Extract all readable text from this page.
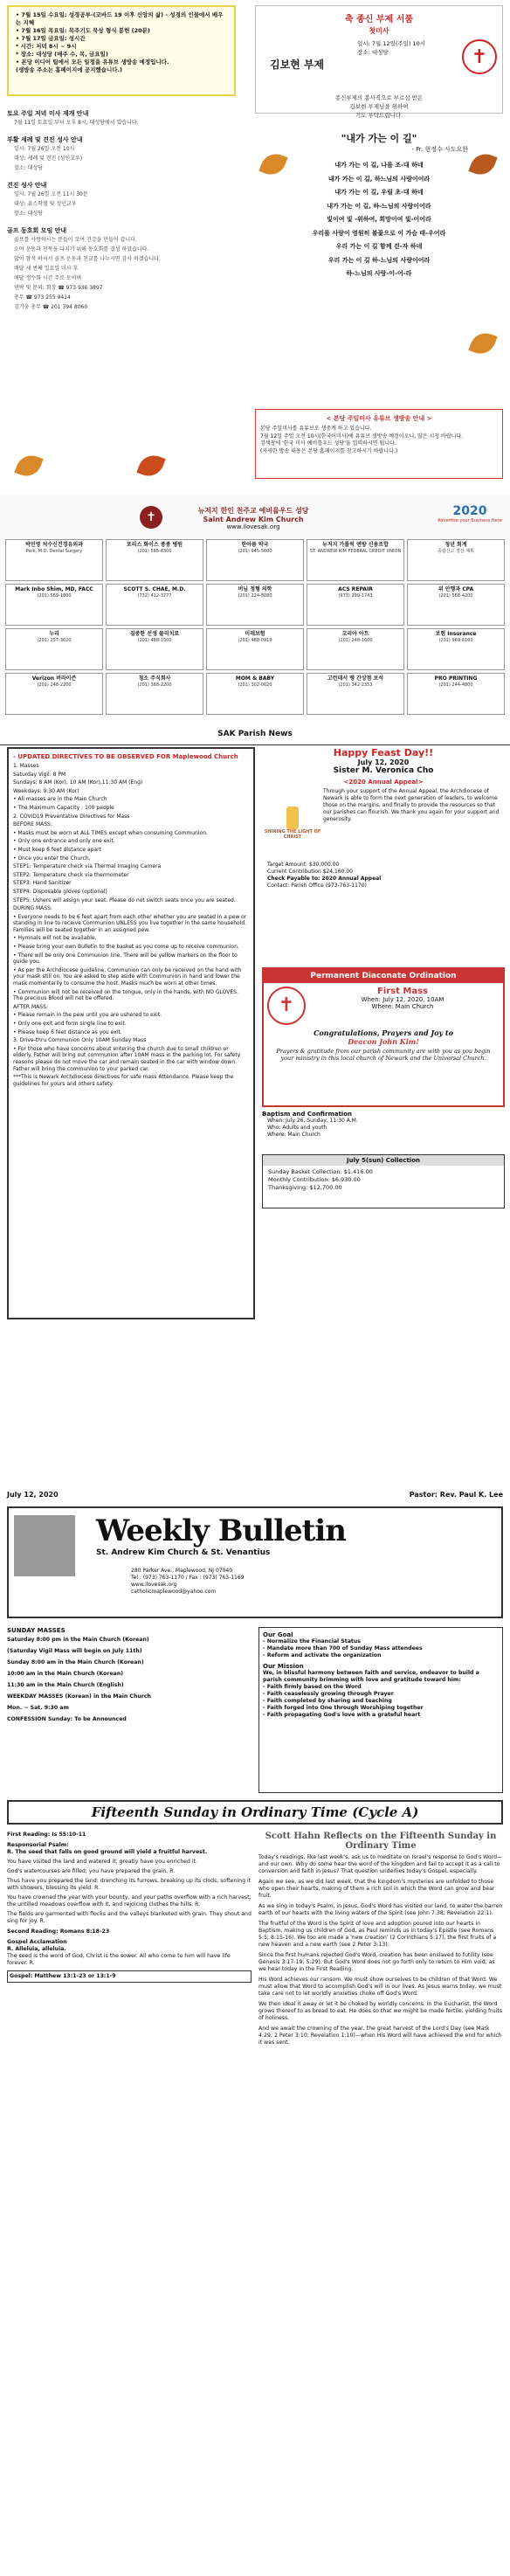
• 7월 15일 수요일: 성경공부-(코바드 19 이후 신앙의 삶) - 성경의 인물에서 배우는 지혜
• 7월 16일 목요일: 목주기도 묵상 형식 봉헌 (20분)
• 7월 17일 금요일: 성시간
* 시간: 저녁 8시 ~ 9시
* 장소: 대성당 (매주 수, 목, 금요일)
• 본당 미디어 팀에서 모든 일정을 유튜브 생방송 예정입니다.
(생방송 주소는 홈페이지에 공지했습니다.)
토요 주일 저녁 미사 재개 안내
7월 11일 토요일 부터 오후 8시, 대성당에서 있습니다.
부활 세례 및 견진 성사 안내
일시: 7월 26일 오전 10시
대상: 세례 및 견진 (성인교우)
장소: 대성당
견진 성사 안내
일시: 7월 26일 오전 11시 30분
대상: 유스학생 및 성인교우
장소: 대성당
골프 동호회 모임 안내
골프를 사랑하시는 분들이 모여 건강을 만들어 갑니다.
오며 운동과 친목을 다지기 위해 동호회를 결성 하였습니다.
많이 참석 하셔서 골프 운동과 친교를 나누시면 감사 하겠습니다.
매달 세 번째 일요일 미사 후
매달 정수회 시간 주로 모이며
연락 및 문의: 회장 ☎ 973 936 3897
총무 ☎ 973 255 9414
김기웅 총무 ☎ 201 394 8060
축 종신 부제 서품
첫미사
김보현 부제
일시: 7월 12일(주일) 10시
장소: 대성당	✝
종신부제의 봉사직으로 부르심 받은
김보현 부제님을 위하여
기도 부탁드립니다.
"내가 가는 이 길"
- Fr. 현정수 사도요한

내가 가는 이 길, 나를 조-대 하네

내가 가는 이 길, 하느님의 사랑이어라

내가 가는 이 길, 우릴 초-대 하네

내가 가는 이 길, 하-느님의 사랑이어라

빛이여 빛 -위하여, 희망이여 빛-이어라

우리를 사랑이 영원히 불꽃으로 이 가슴 태-우어라

우리 가는 이 길 함께 걷-자 하네

우리 가는 이 길 하-느님의 사랑이어라

하-느님의 사랑-이-어-라

< 본당 주일미사 유튜브 생방송 안내 >
본당 주일미사를 유튜브로 생중계 하고 있습니다.
7월 12일 주일 오전 10시(한국어미사)에 유튜브 생방송 예정이오니, 많은 시청 바랍니다.
검색창에 '한국 미사 예비를우드 성당'을 입력하시면 됩니다.
(자세한 방송 내용은 본당 홈페이지를 참고하시기 바랍니다.)
✝	뉴저지 한인 천주교 예비를우드 성당
Saint Andrew Kim Church
www.ilovesak.org
2020
Advertise your Business Here
박민영 처수신건경유외과
Park, M.D. Dental Surgery
포리스 화이스 종종 병원
(201) 585-8300
한아름 약국
(201) 945-5600
뉴저지 가톨릭 연방 신용조합
ST. ANDREW KIM FEDERAL CREDIT UNION
청년 회계
종합신고 결산 계획
Mark Inbo Shim, MD, FACC
(201) 569-1800
SCOTT S. CHAE, M.D.
(732) 412-3777
버님 정형 의학
(201) 224-8080
ACS REPAIR
(973) 299-1743
위 안행과 CPA
(201) 568-4200
누리
(201) 257-3020
김중한 선생 물리치료
(201) 488-1500
미래보험
(201) 488-0919
코리아 아트
(201) 248-1600
보험 Insurance
(201) 969-6160
Verizon 버라이즌
(201) 248-2200
청소 주식회사
(201) 368-2200
MOM & BABY
(201) 302-0620
고런데서 랭 간상점 보석
(201) 342-2353
PRO PRINTING
(201) 244-4800
SAK Parish News
- UPDATED DIRECTIVES TO BE OBSERVED FOR Maplewood Church

1. Masses

Saturday Vigil: 8 PM

Sundays: 8 AM (Kor), 10 AM (Kor),11:30 AM (Eng)

Weekdays: 9:30 AM (Kor)

• All masses are in the Main Church

• The Maximum Capacity : 100 people

2. COVID19 Preventative Directives for Mass

BEFORE MASS:

• Masks must be worn at ALL TIMES except when consuming Communion.

• Only one entrance and only one exit.

• Must keep 6 feet distance apart

• Once you enter the Church,

STEP1: Temperature check via Thermal Imaging Camera

STEP2: Temperature check via thermometer

STEP3: Hand Sanitizer

STEP4: Disposable gloves (optional)

STEP5: Ushers will assign your seat. Please do not switch seats once you are seated.

DURING MASS:

• Everyone needs to be 6 feet apart from each other whether you are seated in a pew or standing in line to receive Communion UNLESS you live together in the same household. Families will be seated together in an assigned pew.

• Hymnals will not be available.

• Please bring your own Bulletin to the basket as you come up to receive communion.

• There will be only one Communion line. There will be yellow markers on the floor to guide you.

• As per the Archdiocese guideline, Communion can only be received on the hand with your mask still on. You are asked to step aside with Communion in hand and lower the mask momentarily to consume the host. Masks much be worn at other times.

• Communion will not be received on the tongue, only in the hands, with NO GLOVES. The precious Blood will not be offered.

AFTER MASS:

• Please remain in the pew until you are ushered to exit.

• Only one exit and form single line to exit.

• Please keep 6 feet distance as you exit.

3. Drive-thru Communion Only 10AM Sunday Mass

• For those who have concerns about entering the church due to small children or elderly. Father will bring out communion after 10AM mass in the parking lot. For safety reasons please do not move the car and remain seated in the car with window down. Father will bring the communion to your parked car.

***This is Newark Archdiocese directives for safe mass Attendance. Please keep the guidelines for yours and others safety.

Happy Feast Day!!
July 12, 2020
Sister M. Veronica Cho
<2020 Annual Appeal>
SHINING THE LIGHT OF CHRIST
Through your support of the Annual Appeal, the Archdiocese of Newark is able to form the next generation of leaders, to welcome those on the margins, and finally to provide the resources so that our parishes can flourish. We thank you again for your support and generosity.
Target Amount: $30,000.00
Current Contribution $24,160.00
Check Payable to: 2020 Annual Appeal
Contact: Parish Office (973-763-1170)
Permanent Diaconate Ordination
✝
First Mass
When: July 12, 2020, 10AM
Where: Main Church
Congratulations, Prayers and Joy to
Deacon John Kim!
Prayers & gratitude from our parish community are with you as you begin your ministry in this local church of Newark and the Universal Church.
Baptism and Confirmation
When: July 26, Sunday, 11:30 A.M.
Who: Adults and youth
Where: Main Church
July 5(sun) Collection
Sunday Basket Collection: $1,416.00
Monthly Contribution: $6,930.00
Thanksgiving: $12,700.00
July 12, 2020	Pastor: Rev. Paul K. Lee
Weekly Bulletin
St. Andrew Kim Church & St. Venantius
280 Parker Ave., Maplewood, NJ 07040
Tel : (973) 763-1170 / Fax : (973) 763-1169
www.ilovesak.org
catholicmaplewood@yahoo.com
SUNDAY MASSES
Saturday 8:00 pm in the Main Church (Korean)
(Saturday Vigil Mass will begin on July 11th)
Sunday 8:00 am in the Main Church (Korean)
10:00 am in the Main Church (Korean)
11:30 am in the Main Church (English)
WEEKDAY MASSES (Korean) in the Main Church
Mon. ~ Sat. 9:30 am
CONFESSION Sunday: To be Announced
Our Goal
- Normalize the Financial Status
- Mandate more than 700 of Sunday Mass attendees
- Reform and activate the organization
Our Mission
We, in blissful harmony between faith and service, endeavor to build a parish community brimming with love and gratitude toward him:
- Faith firmly based on the Word
- Faith ceaselessly growing through Prayer
- Faith completed by sharing and teaching
- Faith forged into One through Worshiping together
- Faith propagating God's love with a grateful heart
Fifteenth Sunday in Ordinary Time (Cycle A)
First Reading: Is 55:10-11
Responsorial Psalm:
R. The seed that falls on good ground will yield a fruitful harvest.
You have visited the land and watered it; greatly have you enriched it.
God's watercourses are filled; you have prepared the grain. R.
Thus have you prepared the land: drenching its furrows, breaking up its clods, softening it with showers, blessing its yield. R.
You have crowned the year with your bounty, and your paths overflow with a rich harvest; the untilled meadows overflow with it, and rejoicing clothes the hills. R.
The fields are garmented with flocks and the valleys blanketed with grain. They shout and sing for joy. R.
Second Reading: Romans 8:18-23
Gospel Acclamation
R. Alleluia, alleluia.
The seed is the word of God, Christ is the sower. All who come to him will have life forever. R.
Gospel: Matthew 13:1-23 or 13:1-9
Scott Hahn Reflects on the Fifteenth Sunday in Ordinary Time
Today's readings, like last week's, ask us to meditate on Israel's response to God's Word—and our own. Why do some hear the word of the kingdom and fail to accept it as a call to conversion and faith in Jesus? That question underlies today's Gospel, especially.
Again we see, as we did last week, that the kingdom's mysteries are unfolded to those who open their hearts, making of them a rich soil in which the Word can grow and bear fruit.
As we sing in today's Psalm, in Jesus, God's Word has visited our land, to water the barren earth of our hearts with the living waters of the Spirit (see John 7:38; Revelation 22:1).
The fruitful of the Word is the Spirit of love and adoption poured into our hearts in Baptism, making us children of God, as Paul reminds us in today's Epistle (see Romans 5:5; 8:15-16). We too are made a 'new creation' (2 Corinthians 5:17), the first fruits of a new heaven and a new earth (see 2 Peter 3:13).
Since the first humans rejected God's Word, creation has been enslaved to futility (see Genesis 3:17-19; 5:29). But God's Word does not go forth only to return to Him void, as we hear today in the First Reading.
His Word achieves our ransom. We must show ourselves to be children of that Word. We must allow that Word to accomplish God's will in our lives. As Jesus warns today, we must take care not to let worldly anxieties choke off God's Word.
We then ideal it away or let it be choked by worldly concerns. In the Eucharist, the Word grows thereof to as bread to eat. He does so that we might be made fertile, yielding fruits of holiness.
And we await the crowning of the year, the great harvest of the Lord's Day (see Mark 4:29; 2 Peter 3:10; Revelation 1:10)—when His Word will have achieved the end for which it was sent.
